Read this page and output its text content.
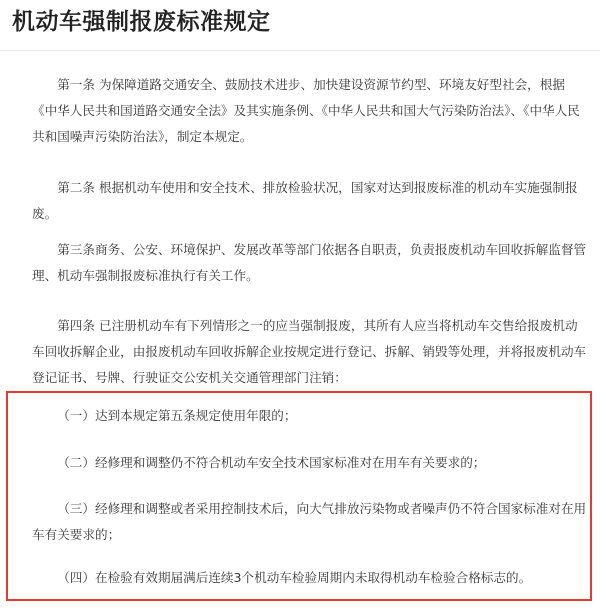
机动车强制报废标准规定

第一条 为保障道路交通安全、鼓励技术进步、加快建设资源节约型、环境友好型社会，根据《中华人民共和国道路交通安全法》及其实施条例、《中华人民共和国大气污染防治法》、《中华人民共和国噪声污染防治法》，制定本规定。

第二条 根据机动车使用和安全技术、排放检验状况，国家对达到报废标准的机动车实施强制报废。

第三条商务、公安、环境保护、发展改革等部门依据各自职责，负责报废机动车回收拆解监督管理、机动车强制报废标准执行有关工作。

第四条 已注册机动车有下列情形之一的应当强制报废，其所有人应当将机动车交售给报废机动车回收拆解企业，由报废机动车回收拆解企业按规定进行登记、拆解、销毁等处理，并将报废机动车登记证书、号牌、行驶证交公安机关交通管理部门注销：

（一）达到本规定第五条规定使用年限的；

（二）经修理和调整仍不符合机动车安全技术国家标准对在用车有关要求的；

（三）经修理和调整或者采用控制技术后，向大气排放污染物或者噪声仍不符合国家标准对在用车有关要求的；

（四）在检验有效期届满后连续3个机动车检验周期内未取得机动车检验合格标志的。
